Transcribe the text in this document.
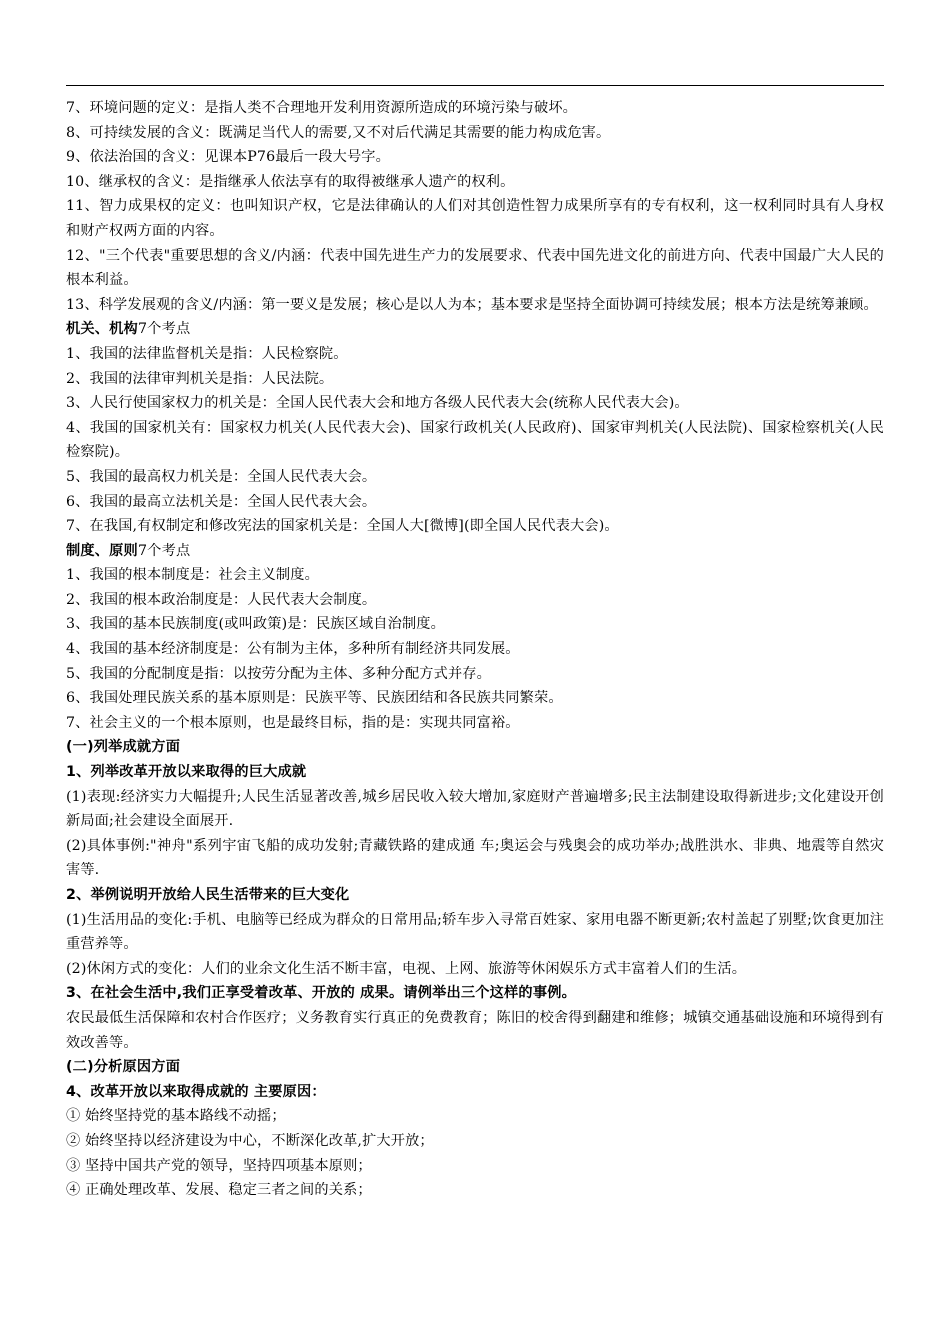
7、环境问题的定义：是指人类不合理地开发利用资源所造成的环境污染与破坏。

8、可持续发展的含义：既满足当代人的需要,又不对后代满足其需要的能力构成危害。

9、依法治国的含义：见课本P76最后一段大号字。

10、继承权的含义：是指继承人依法享有的取得被继承人遗产的权利。

11、智力成果权的定义：也叫知识产权，它是法律确认的人们对其创造性智力成果所享有的专有权利，这一权利同时具有人身权和财产权两方面的内容。

12、"三个代表"重要思想的含义/内涵：代表中国先进生产力的发展要求、代表中国先进文化的前进方向、代表中国最广大人民的根本利益。

13、科学发展观的含义/内涵：第一要义是发展；核心是以人为本；基本要求是坚持全面协调可持续发展；根本方法是统筹兼顾。

机关、机构7个考点

1、我国的法律监督机关是指：人民检察院。

2、我国的法律审判机关是指：人民法院。

3、人民行使国家权力的机关是：全国人民代表大会和地方各级人民代表大会(统称人民代表大会)。

4、我国的国家机关有：国家权力机关(人民代表大会)、国家行政机关(人民政府)、国家审判机关(人民法院)、国家检察机关(人民检察院)。

5、我国的最高权力机关是：全国人民代表大会。

6、我国的最高立法机关是：全国人民代表大会。

7、在我国,有权制定和修改宪法的国家机关是：全国人大[微博](即全国人民代表大会)。

制度、原则7个考点

1、我国的根本制度是：社会主义制度。

2、我国的根本政治制度是：人民代表大会制度。

3、我国的基本民族制度(或叫政策)是：民族区域自治制度。

4、我国的基本经济制度是：公有制为主体，多种所有制经济共同发展。

5、我国的分配制度是指：以按劳分配为主体、多种分配方式并存。

6、我国处理民族关系的基本原则是：民族平等、民族团结和各民族共同繁荣。

7、社会主义的一个根本原则，也是最终目标，指的是：实现共同富裕。

(一)列举成就方面

1、列举改革开放以来取得的巨大成就

(1)表现:经济实力大幅提升;人民生活显著改善,城乡居民收入较大增加,家庭财产普遍增多;民主法制建设取得新进步;文化建设开创新局面;社会建设全面展开.

(2)具体事例:"神舟"系列宇宙飞船的成功发射;青藏铁路的建成通 车;奥运会与残奥会的成功举办;战胜洪水、非典、地震等自然灾害等.

2、举例说明开放给人民生活带来的巨大变化

(1)生活用品的变化:手机、电脑等已经成为群众的日常用品;轿车步入寻常百姓家、家用电器不断更新;农村盖起了别墅;饮食更加注重营养等。

(2)休闲方式的变化：人们的业余文化生活不断丰富，电视、上网、旅游等休闲娱乐方式丰富着人们的生活。

3、在社会生活中,我们正享受着改革、开放的 成果。请例举出三个这样的事例。

农民最低生活保障和农村合作医疗；义务教育实行真正的免费教育；陈旧的校舍得到翻建和维修；城镇交通基础设施和环境得到有效改善等。

(二)分析原因方面

4、改革开放以来取得成就的 主要原因：

① 始终坚持党的基本路线不动摇；

② 始终坚持以经济建设为中心，不断深化改革,扩大开放；

③ 坚持中国共产党的领导，坚持四项基本原则；

④ 正确处理改革、发展、稳定三者之间的关系；
